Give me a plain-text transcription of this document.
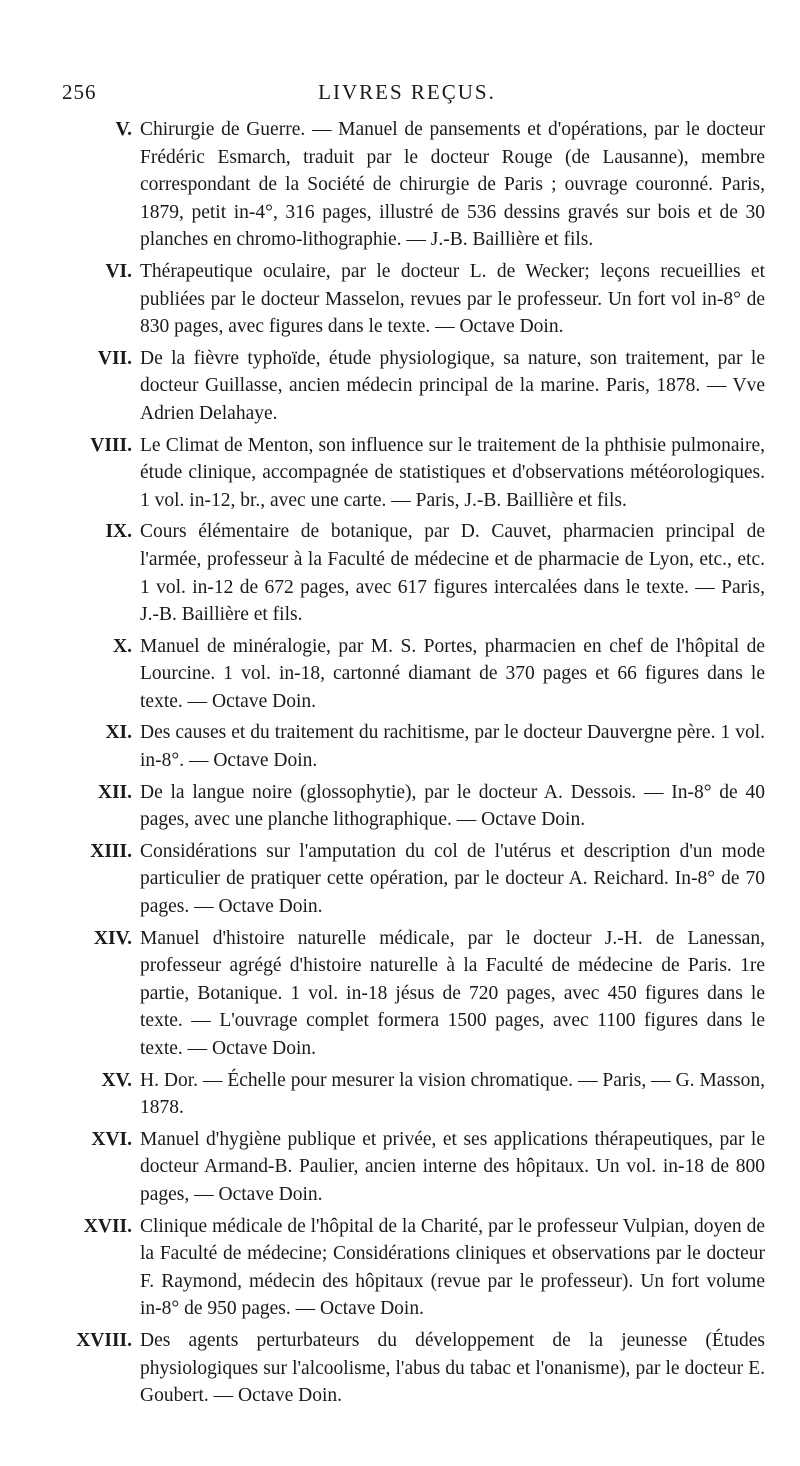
256	LIVRES REÇUS.
V. Chirurgie de Guerre. — Manuel de pansements et d'opérations, par le docteur Frédéric Esmarch, traduit par le docteur Rouge (de Lausanne), membre correspondant de la Société de chirurgie de Paris ; ouvrage couronné. Paris, 1879, petit in-4°, 316 pages, illustré de 536 dessins gravés sur bois et de 30 planches en chromo-lithographie. — J.-B. Baillière et fils.
VI. Thérapeutique oculaire, par le docteur L. de Wecker; leçons recueillies et publiées par le docteur Masselon, revues par le professeur. Un fort vol in-8° de 830 pages, avec figures dans le texte. — Octave Doin.
VII. De la fièvre typhoïde, étude physiologique, sa nature, son traitement, par le docteur Guillasse, ancien médecin principal de la marine. Paris, 1878. — Vve Adrien Delahaye.
VIII. Le Climat de Menton, son influence sur le traitement de la phthisie pulmonaire, étude clinique, accompagnée de statistiques et d'observations météorologiques. 1 vol. in-12, br., avec une carte. — Paris, J.-B. Baillière et fils.
IX. Cours élémentaire de botanique, par D. Cauvet, pharmacien principal de l'armée, professeur à la Faculté de médecine et de pharmacie de Lyon, etc., etc. 1 vol. in-12 de 672 pages, avec 617 figures intercalées dans le texte. — Paris, J.-B. Baillière et fils.
X. Manuel de minéralogie, par M. S. Portes, pharmacien en chef de l'hôpital de Lourcine. 1 vol. in-18, cartonné diamant de 370 pages et 66 figures dans le texte. — Octave Doin.
XI. Des causes et du traitement du rachitisme, par le docteur Dauvergne père. 1 vol. in-8°. — Octave Doin.
XII. De la langue noire (glossophytie), par le docteur A. Dessois. — In-8° de 40 pages, avec une planche lithographique. — Octave Doin.
XIII. Considérations sur l'amputation du col de l'utérus et description d'un mode particulier de pratiquer cette opération, par le docteur A. Reichard. In-8° de 70 pages. — Octave Doin.
XIV. Manuel d'histoire naturelle médicale, par le docteur J.-H. de Lanessan, professeur agrégé d'histoire naturelle à la Faculté de médecine de Paris. 1re partie, Botanique. 1 vol. in-18 jésus de 720 pages, avec 450 figures dans le texte. — L'ouvrage complet formera 1500 pages, avec 1100 figures dans le texte. — Octave Doin.
XV. H. Dor. — Échelle pour mesurer la vision chromatique. — Paris, — G. Masson, 1878.
XVI. Manuel d'hygiène publique et privée, et ses applications thérapeutiques, par le docteur Armand-B. Paulier, ancien interne des hôpitaux. Un vol. in-18 de 800 pages, — Octave Doin.
XVII. Clinique médicale de l'hôpital de la Charité, par le professeur Vulpian, doyen de la Faculté de médecine; Considérations cliniques et observations par le docteur F. Raymond, médecin des hôpitaux (revue par le professeur). Un fort volume in-8° de 950 pages. — Octave Doin.
XVIII. Des agents perturbateurs du développement de la jeunesse (Études physiologiques sur l'alcoolisme, l'abus du tabac et l'onanisme), par le docteur E. Goubert. — Octave Doin.
